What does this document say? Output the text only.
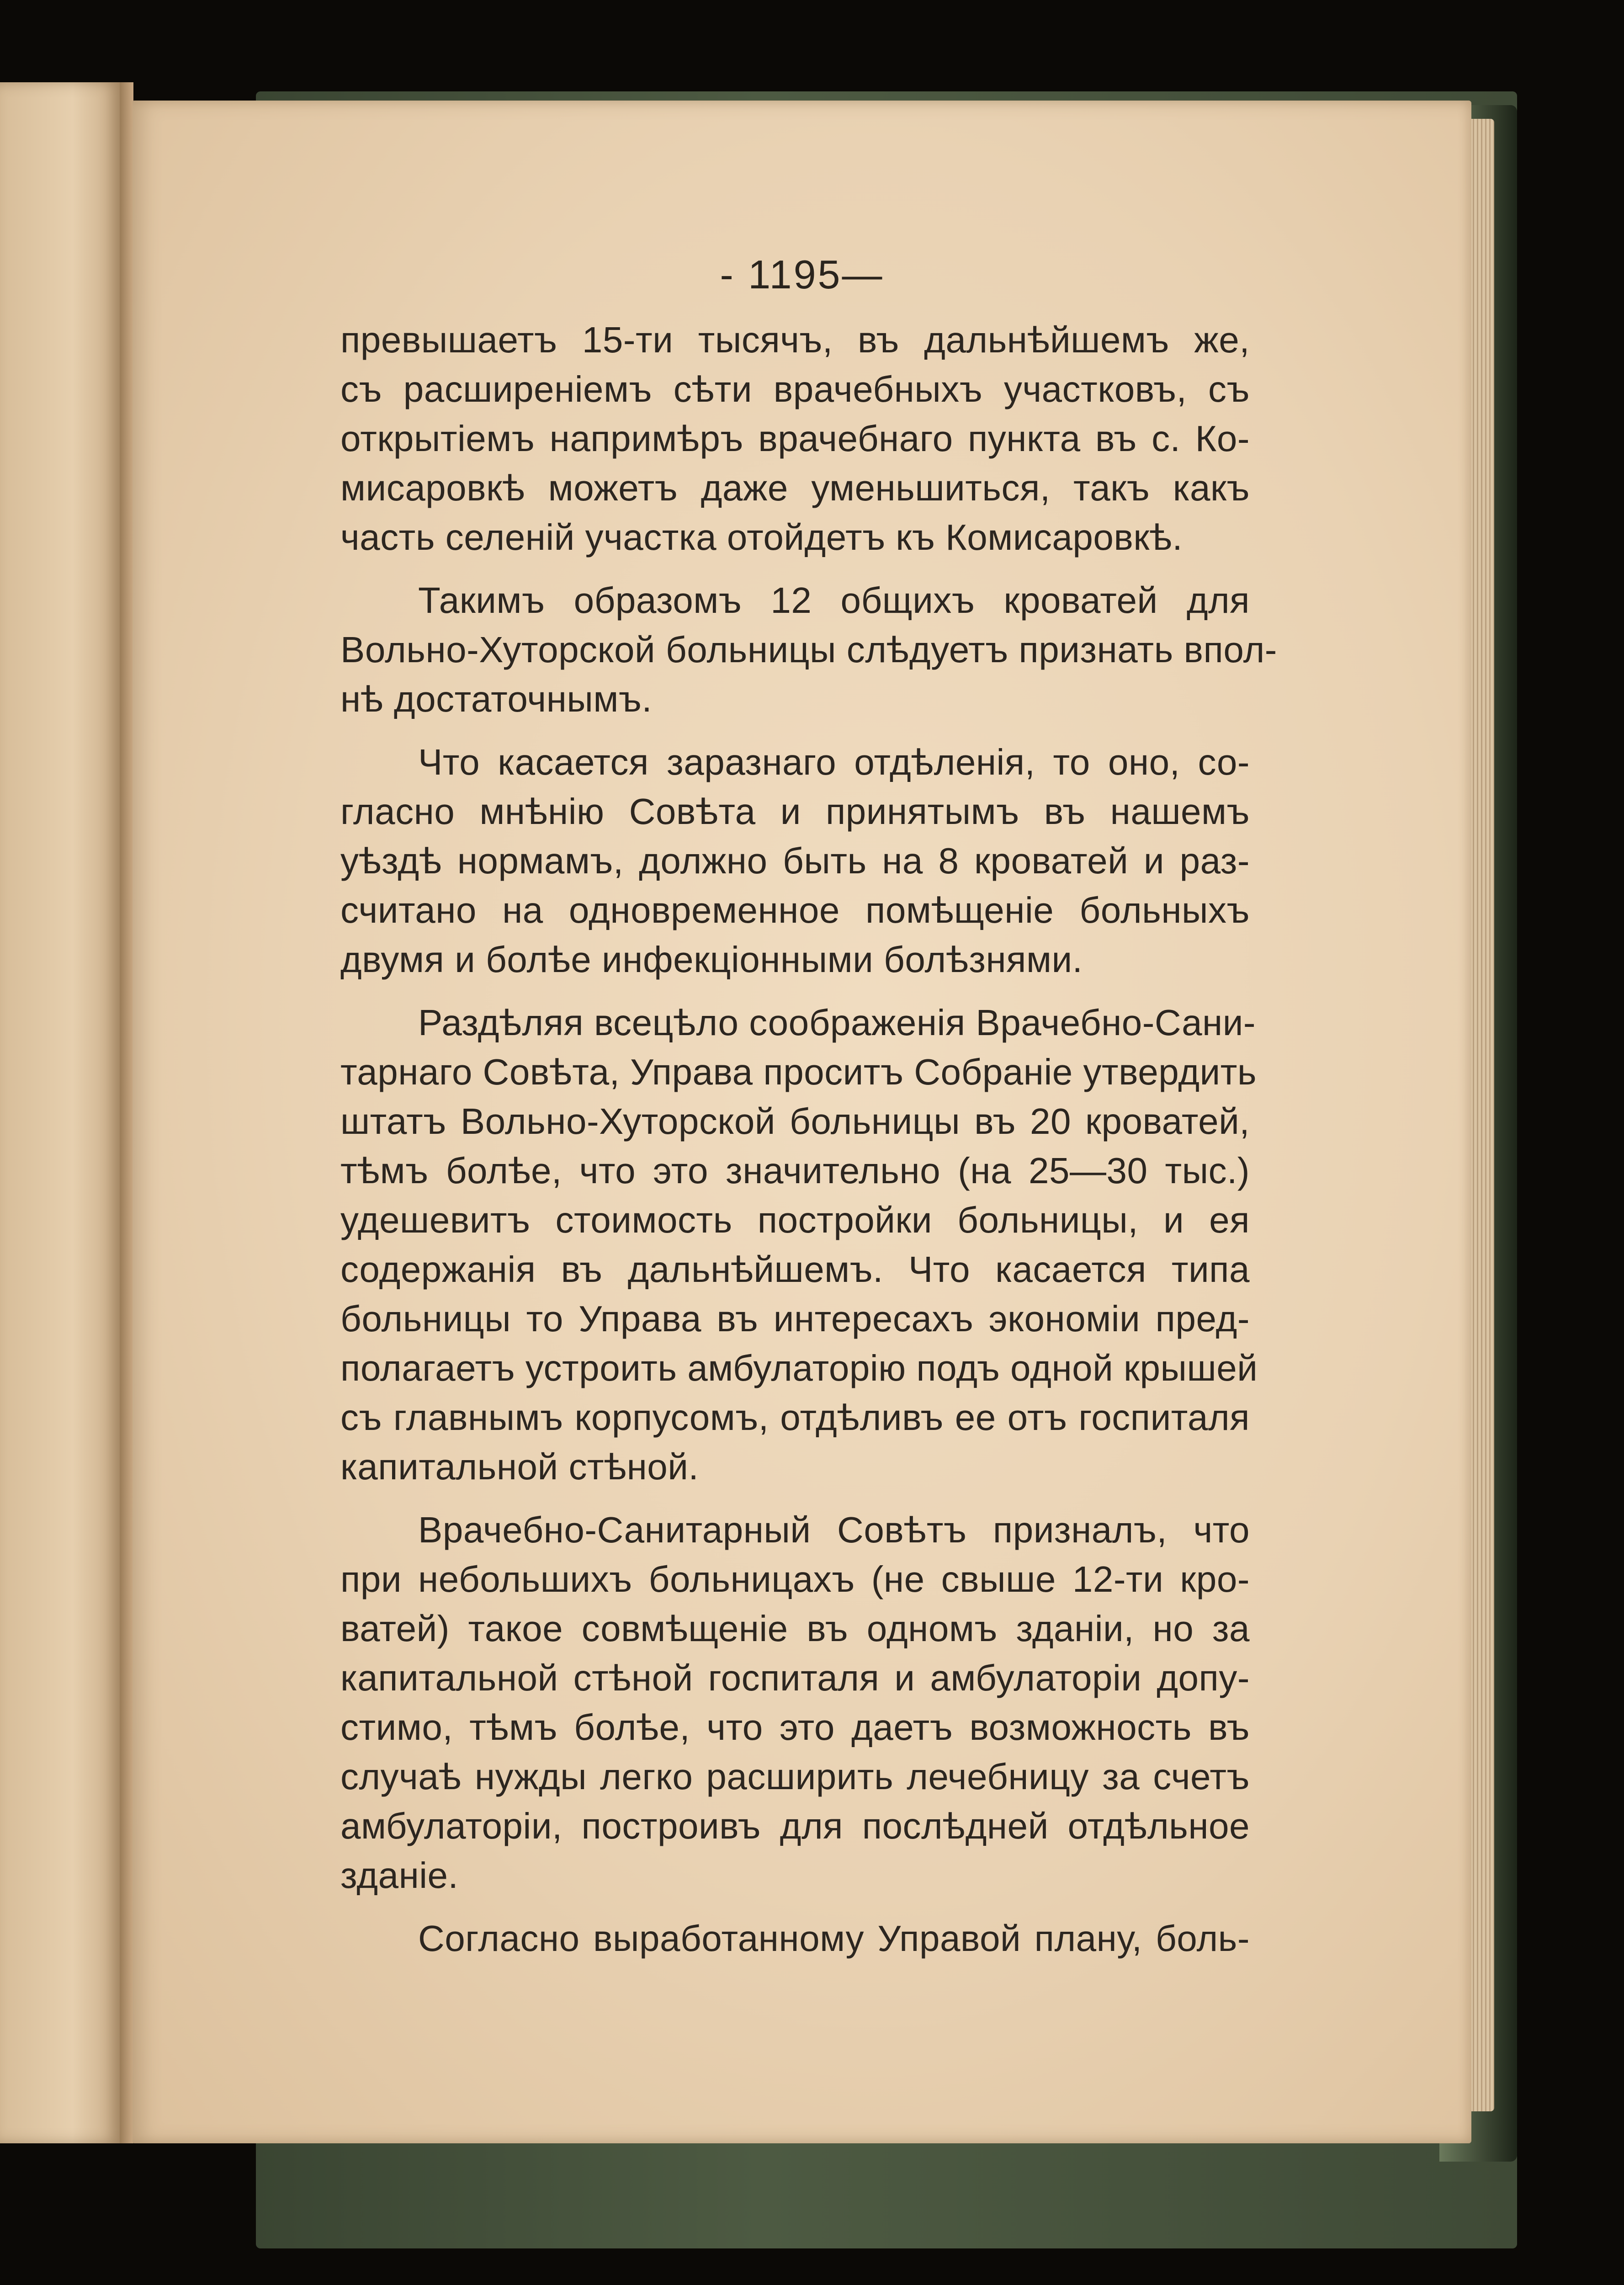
- 1195—
превышаетъ 15-ти тысячъ, въ дальнѣйшемъ же,
съ расширеніемъ сѣти врачебныхъ участковъ, съ
открытіемъ напримѣръ врачебнаго пункта въ с. Ко-
мисаровкѣ можетъ даже уменьшиться, такъ какъ
часть селеній участка отойдетъ къ Комисаровкѣ.
Такимъ образомъ 12 общихъ кроватей для
Вольно-Хуторской больницы слѣдуетъ признать впол-
нѣ достаточнымъ.
Что касается заразнаго отдѣленія, то оно, со-
гласно мнѣнію Совѣта и принятымъ въ нашемъ
уѣздѣ нормамъ, должно быть на 8 кроватей и раз-
считано на одновременное помѣщеніе больныхъ
двумя и болѣе инфекціонными болѣзнями.
Раздѣляя всецѣло соображенія Врачебно-Сани-
тарнаго Совѣта, Управа проситъ Собраніе утвердить
штатъ Вольно-Хуторской больницы въ 20 кроватей,
тѣмъ болѣе, что это значительно (на 25—30 тыс.)
удешевитъ стоимость постройки больницы, и ея
содержанія въ дальнѣйшемъ. Что касается типа
больницы то Управа въ интересахъ экономіи пред-
полагаетъ устроить амбулаторію подъ одной крышей
съ главнымъ корпусомъ, отдѣливъ ее отъ госпиталя
капитальной стѣной.
Врачебно-Санитарный Совѣтъ призналъ, что
при небольшихъ больницахъ (не свыше 12-ти кро-
ватей) такое совмѣщеніе въ одномъ зданіи, но за
капитальной стѣной госпиталя и амбулаторіи допу-
стимо, тѣмъ болѣе, что это даетъ возможность въ
случаѣ нужды легко расширить лечебницу за счетъ
амбулаторіи, построивъ для послѣдней отдѣльное
зданіе.
Согласно выработанному Управой плану, боль-
